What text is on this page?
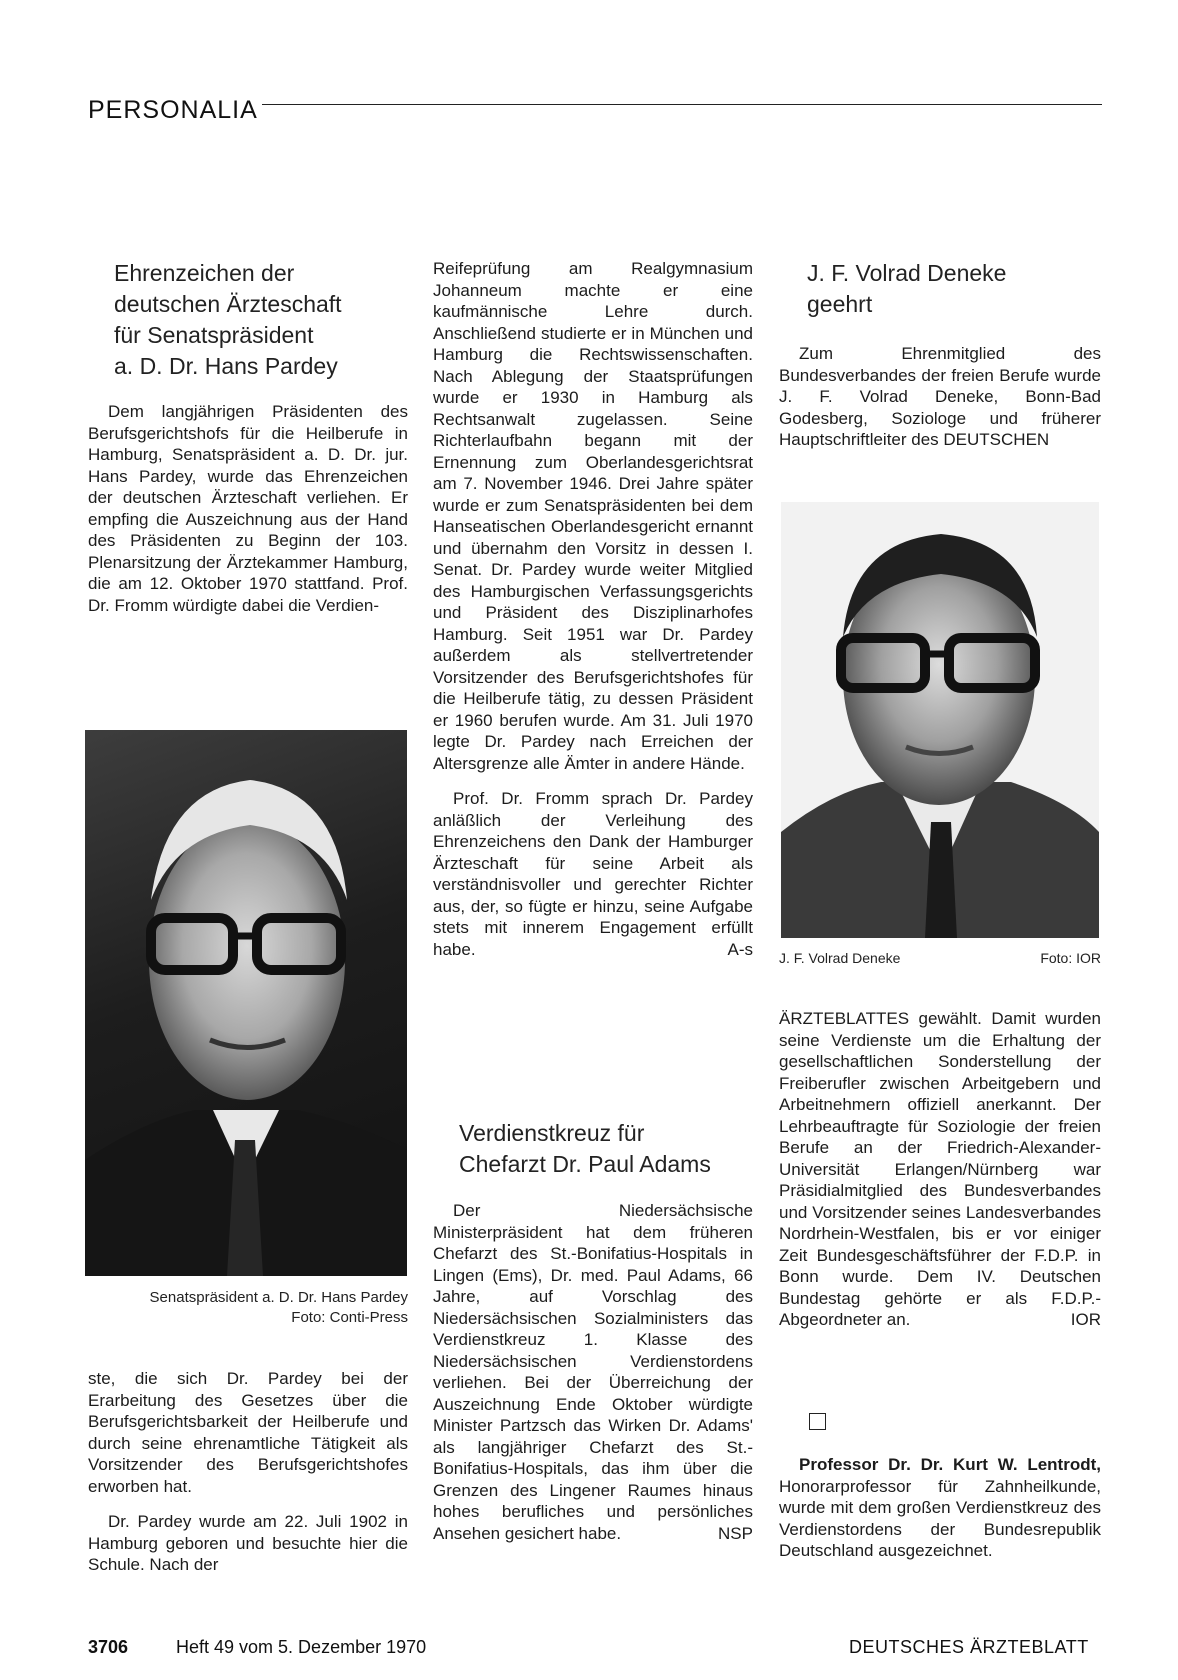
PERSONALIA
Ehrenzeichen der
deutschen Ärzteschaft
für Senatspräsident
a. D. Dr. Hans Pardey

Dem langjährigen Präsidenten des Berufsgerichtshofs für die Heilberufe in Hamburg, Senatspräsident a. D. Dr. jur. Hans Pardey, wurde das Ehrenzeichen der deutschen Ärzteschaft verliehen. Er empfing die Auszeichnung aus der Hand des Präsidenten zu Beginn der 103. Plenarsitzung der Ärztekammer Hamburg, die am 12. Oktober 1970 stattfand. Prof. Dr. Fromm würdigte dabei die Verdien-

Senatspräsident a. D. Dr. Hans Pardey
Foto: Conti-Press

ste, die sich Dr. Pardey bei der Erarbeitung des Gesetzes über die Berufsgerichtsbarkeit der Heilberufe und durch seine ehrenamtliche Tätigkeit als Vorsitzender des Berufsgerichtshofes erworben hat.

Dr. Pardey wurde am 22. Juli 1902 in Hamburg geboren und besuchte hier die Schule. Nach der

Reifeprüfung am Realgymnasium Johanneum machte er eine kaufmännische Lehre durch. Anschließend studierte er in München und Hamburg die Rechtswissenschaften. Nach Ablegung der Staatsprüfungen wurde er 1930 in Hamburg als Rechtsanwalt zugelassen. Seine Richterlaufbahn begann mit der Ernennung zum Oberlandesgerichtsrat am 7. November 1946. Drei Jahre später wurde er zum Senatspräsidenten bei dem Hanseatischen Oberlandesgericht ernannt und übernahm den Vorsitz in dessen I. Senat. Dr. Pardey wurde weiter Mitglied des Hamburgischen Verfassungsgerichts und Präsident des Disziplinarhofes Hamburg. Seit 1951 war Dr. Pardey außerdem als stellvertretender Vorsitzender des Berufsgerichtshofes für die Heilberufe tätig, zu dessen Präsident er 1960 berufen wurde. Am 31. Juli 1970 legte Dr. Pardey nach Erreichen der Altersgrenze alle Ämter in andere Hände.

Prof. Dr. Fromm sprach Dr. Pardey anläßlich der Verleihung des Ehrenzeichens den Dank der Hamburger Ärzteschaft für seine Arbeit als verständnisvoller und gerechter Richter aus, der, so fügte er hinzu, seine Aufgabe stets mit innerem Engagement erfüllt habe.	A-s

Verdienstkreuz für
Chefarzt Dr. Paul Adams

Der Niedersächsische Ministerpräsident hat dem früheren Chefarzt des St.-Bonifatius-Hospitals in Lingen (Ems), Dr. med. Paul Adams, 66 Jahre, auf Vorschlag des Niedersächsischen Sozialministers das Verdienstkreuz 1. Klasse des Niedersächsischen Verdienstordens verliehen. Bei der Überreichung der Auszeichnung Ende Oktober würdigte Minister Partzsch das Wirken Dr. Adams' als langjähriger Chefarzt des St.-Bonifatius-Hospitals, das ihm über die Grenzen des Lingener Raumes hinaus hohes berufliches und persönliches Ansehen gesichert habe.	NSP

J. F. Volrad Deneke
geehrt

Zum Ehrenmitglied des Bundesverbandes der freien Berufe wurde J. F. Volrad Deneke, Bonn-Bad Godesberg, Soziologe und früherer Hauptschriftleiter des DEUTSCHEN

J. F. Volrad Deneke	Foto: IOR

ÄRZTEBLATTES gewählt. Damit wurden seine Verdienste um die Erhaltung der gesellschaftlichen Sonderstellung der Freiberufler zwischen Arbeitgebern und Arbeitnehmern offiziell anerkannt. Der Lehrbeauftragte für Soziologie der freien Berufe an der Friedrich-Alexander-Universität Erlangen/Nürnberg war Präsidialmitglied des Bundesverbandes und Vorsitzender seines Landesverbandes Nordrhein-Westfalen, bis er vor einiger Zeit Bundesgeschäftsführer der F.D.P. in Bonn wurde. Dem IV. Deutschen Bundestag gehörte er als F.D.P.-Abgeordneter an.	IOR

Professor Dr. Dr. Kurt W. Lentrodt, Honorarprofessor für Zahnheilkunde, wurde mit dem großen Verdienstkreuz des Verdienstordens der Bundesrepublik Deutschland ausgezeichnet.

3706	Heft 49 vom 5. Dezember 1970	DEUTSCHES ÄRZTEBLATT
